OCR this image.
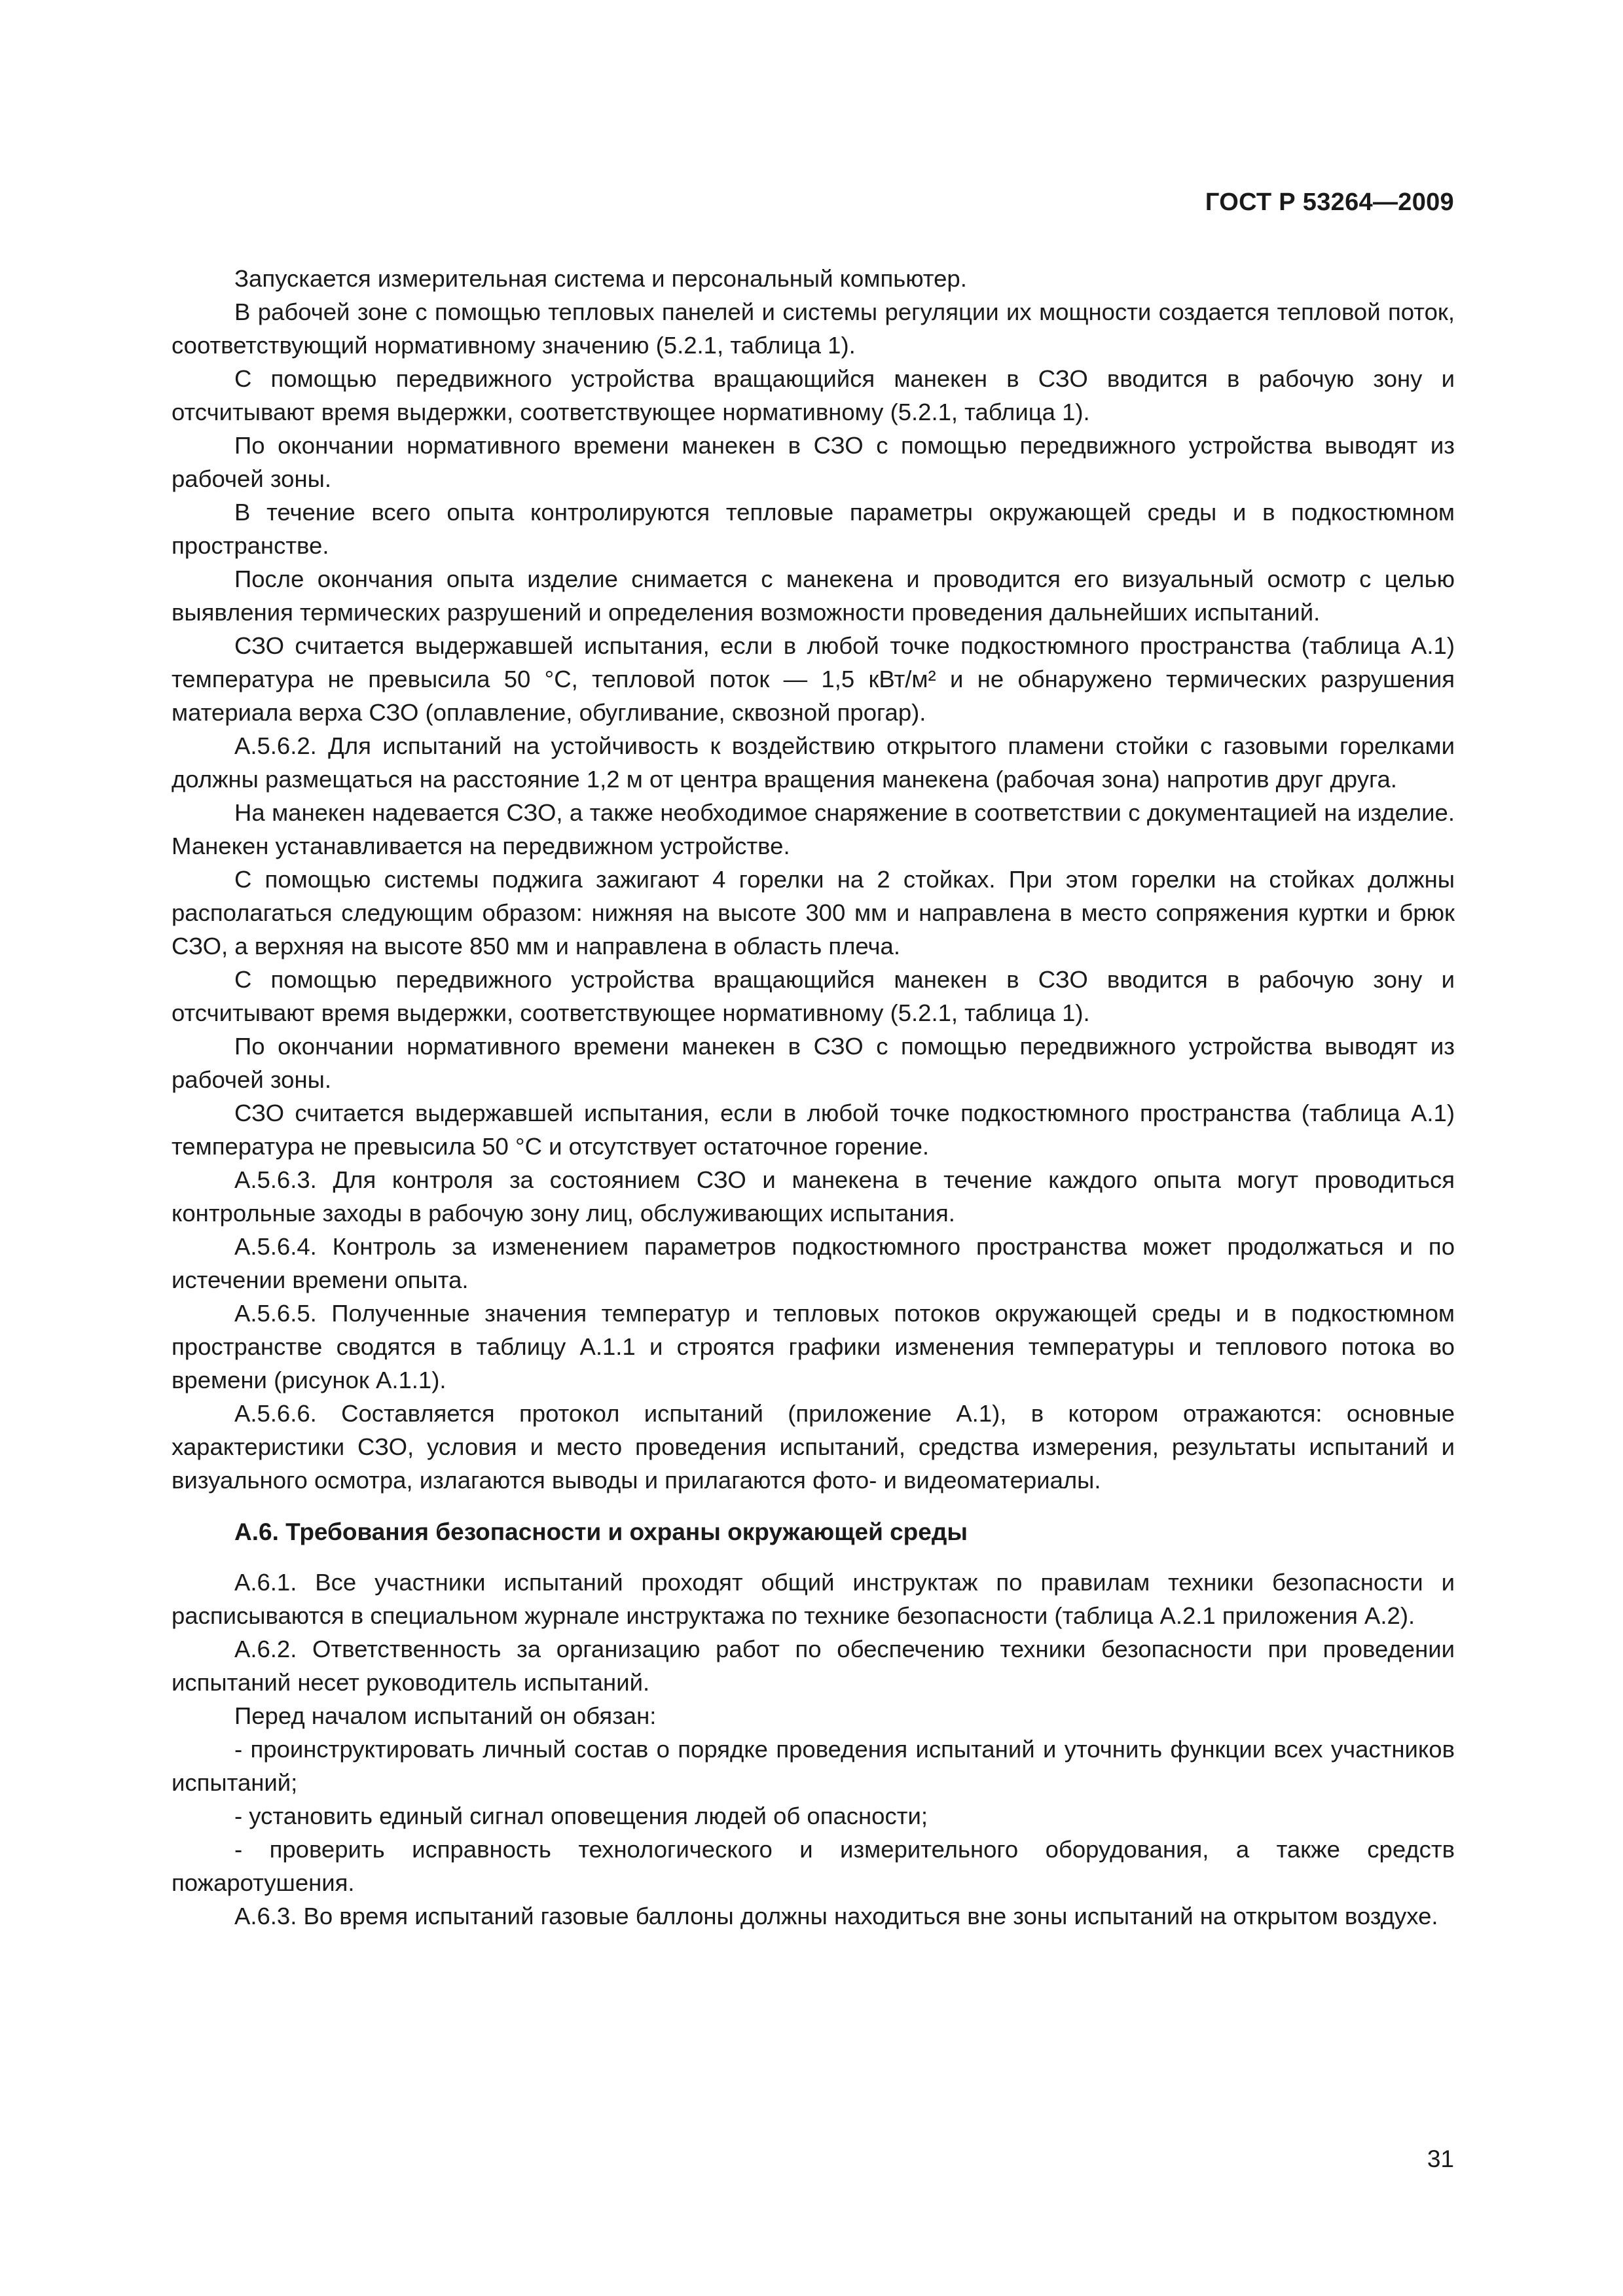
ГОСТ Р 53264—2009

Запускается измерительная система и персональный компьютер.

В рабочей зоне с помощью тепловых панелей и системы регуляции их мощности создается тепловой поток, соответствующий нормативному значению (5.2.1, таблица 1).

С помощью передвижного устройства вращающийся манекен в СЗО вводится в рабочую зону и отсчитывают время выдержки, соответствующее нормативному (5.2.1, таблица 1).

По окончании нормативного времени манекен в СЗО с помощью передвижного устройства выводят из рабочей зоны.

В течение всего опыта контролируются тепловые параметры окружающей среды и в подкостюмном пространстве.

После окончания опыта изделие снимается с манекена и проводится его визуальный осмотр с целью выявления термических разрушений и определения возможности проведения дальнейших испытаний.

СЗО считается выдержавшей испытания, если в любой точке подкостюмного пространства (таблица А.1) температура не превысила 50 °С, тепловой поток — 1,5 кВт/м² и не обнаружено термических разрушения материала верха СЗО (оплавление, обугливание, сквозной прогар).

А.5.6.2. Для испытаний на устойчивость к воздействию открытого пламени стойки с газовыми горелками должны размещаться на расстояние 1,2 м от центра вращения манекена (рабочая зона) напротив друг друга.

На манекен надевается СЗО, а также необходимое снаряжение в соответствии с документацией на изделие. Манекен устанавливается на передвижном устройстве.

С помощью системы поджига зажигают 4 горелки на 2 стойках. При этом горелки на стойках должны располагаться следующим образом: нижняя на высоте 300 мм и направлена в место сопряжения куртки и брюк СЗО, а верхняя на высоте 850 мм и направлена в область плеча.

С помощью передвижного устройства вращающийся манекен в СЗО вводится в рабочую зону и отсчитывают время выдержки, соответствующее нормативному (5.2.1, таблица 1).

По окончании нормативного времени манекен в СЗО с помощью передвижного устройства выводят из рабочей зоны.

СЗО считается выдержавшей испытания, если в любой точке подкостюмного пространства (таблица А.1) температура не превысила 50 °С и отсутствует остаточное горение.

А.5.6.3. Для контроля за состоянием СЗО и манекена в течение каждого опыта могут проводиться контрольные заходы в рабочую зону лиц, обслуживающих испытания.

А.5.6.4. Контроль за изменением параметров подкостюмного пространства может продолжаться и по истечении времени опыта.

А.5.6.5. Полученные значения температур и тепловых потоков окружающей среды и в подкостюмном пространстве сводятся в таблицу А.1.1 и строятся графики изменения температуры и теплового потока во времени (рисунок А.1.1).

А.5.6.6. Составляется протокол испытаний (приложение А.1), в котором отражаются: основные характеристики СЗО, условия и место проведения испытаний, средства измерения, результаты испытаний и визуального осмотра, излагаются выводы и прилагаются фото- и видеоматериалы.

А.6. Требования безопасности и охраны окружающей среды

А.6.1. Все участники испытаний проходят общий инструктаж по правилам техники безопасности и расписываются в специальном журнале инструктажа по технике безопасности (таблица А.2.1 приложения А.2).

А.6.2. Ответственность за организацию работ по обеспечению техники безопасности при проведении испытаний несет руководитель испытаний.

Перед началом испытаний он обязан:

- проинструктировать личный состав о порядке проведения испытаний и уточнить функции всех участников испытаний;

- установить единый сигнал оповещения людей об опасности;

- проверить исправность технологического и измерительного оборудования, а также средств пожаротушения.

А.6.3. Во время испытаний газовые баллоны должны находиться вне зоны испытаний на открытом воздухе.

31
